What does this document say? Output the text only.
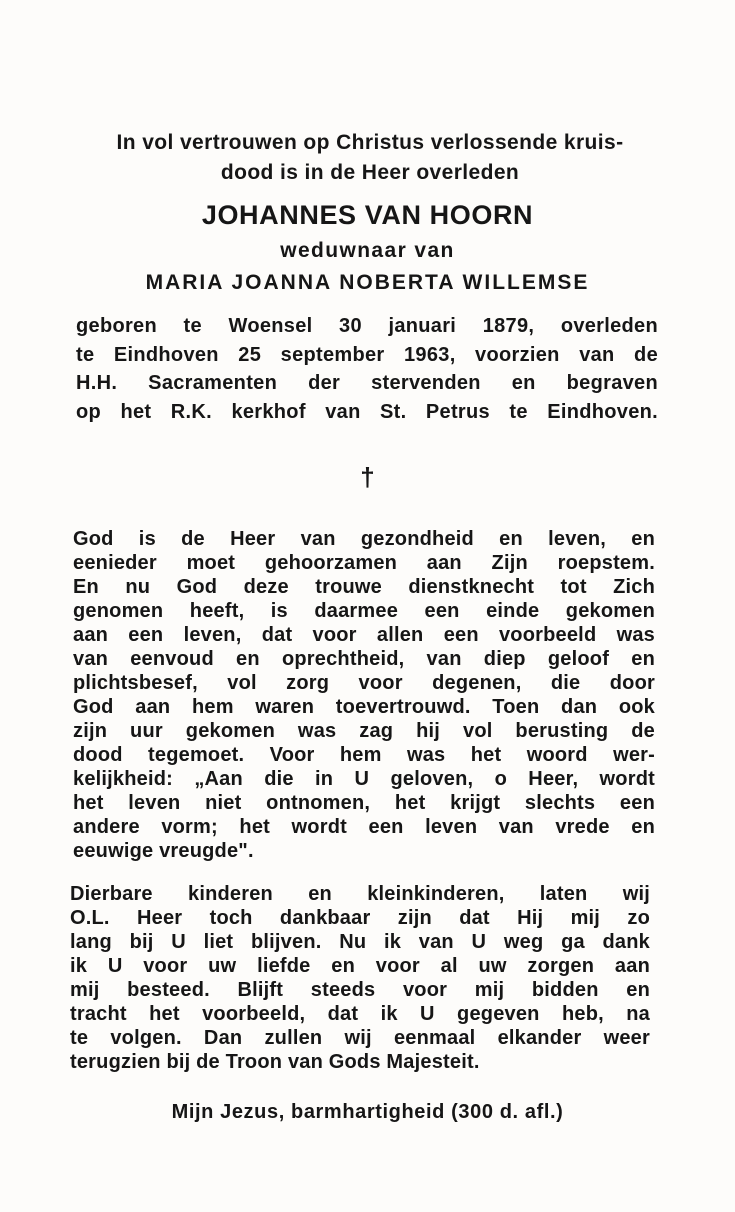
In vol vertrouwen op Christus verlossende kruis-
dood is in de Heer overleden
JOHANNES VAN HOORN
weduwnaar van
MARIA JOANNA NOBERTA WILLEMSE
geboren te Woensel 30 januari 1879, overleden
te Eindhoven 25 september 1963, voorzien van de
H.H. Sacramenten der stervenden en begraven
op het R.K. kerkhof van St. Petrus te Eindhoven.
†
God is de Heer van gezondheid en leven, en
eenieder moet gehoorzamen aan Zijn roepstem.
En nu God deze trouwe dienstknecht tot Zich
genomen heeft, is daarmee een einde gekomen
aan een leven, dat voor allen een voorbeeld was
van eenvoud en oprechtheid, van diep geloof en
plichtsbesef, vol zorg voor degenen, die door
God aan hem waren toevertrouwd. Toen dan ook
zijn uur gekomen was zag hij vol berusting de
dood tegemoet. Voor hem was het woord wer-
kelijkheid: „Aan die in U geloven, o Heer, wordt
het leven niet ontnomen, het krijgt slechts een
andere vorm; het wordt een leven van vrede en
eeuwige vreugde".
Dierbare kinderen en kleinkinderen, laten wij
O.L. Heer toch dankbaar zijn dat Hij mij zo
lang bij U liet blijven. Nu ik van U weg ga dank
ik U voor uw liefde en voor al uw zorgen aan
mij besteed. Blijft steeds voor mij bidden en
tracht het voorbeeld, dat ik U gegeven heb, na
te volgen. Dan zullen wij eenmaal elkander weer
terugzien bij de Troon van Gods Majesteit.
Mijn Jezus, barmhartigheid (300 d. afl.)
